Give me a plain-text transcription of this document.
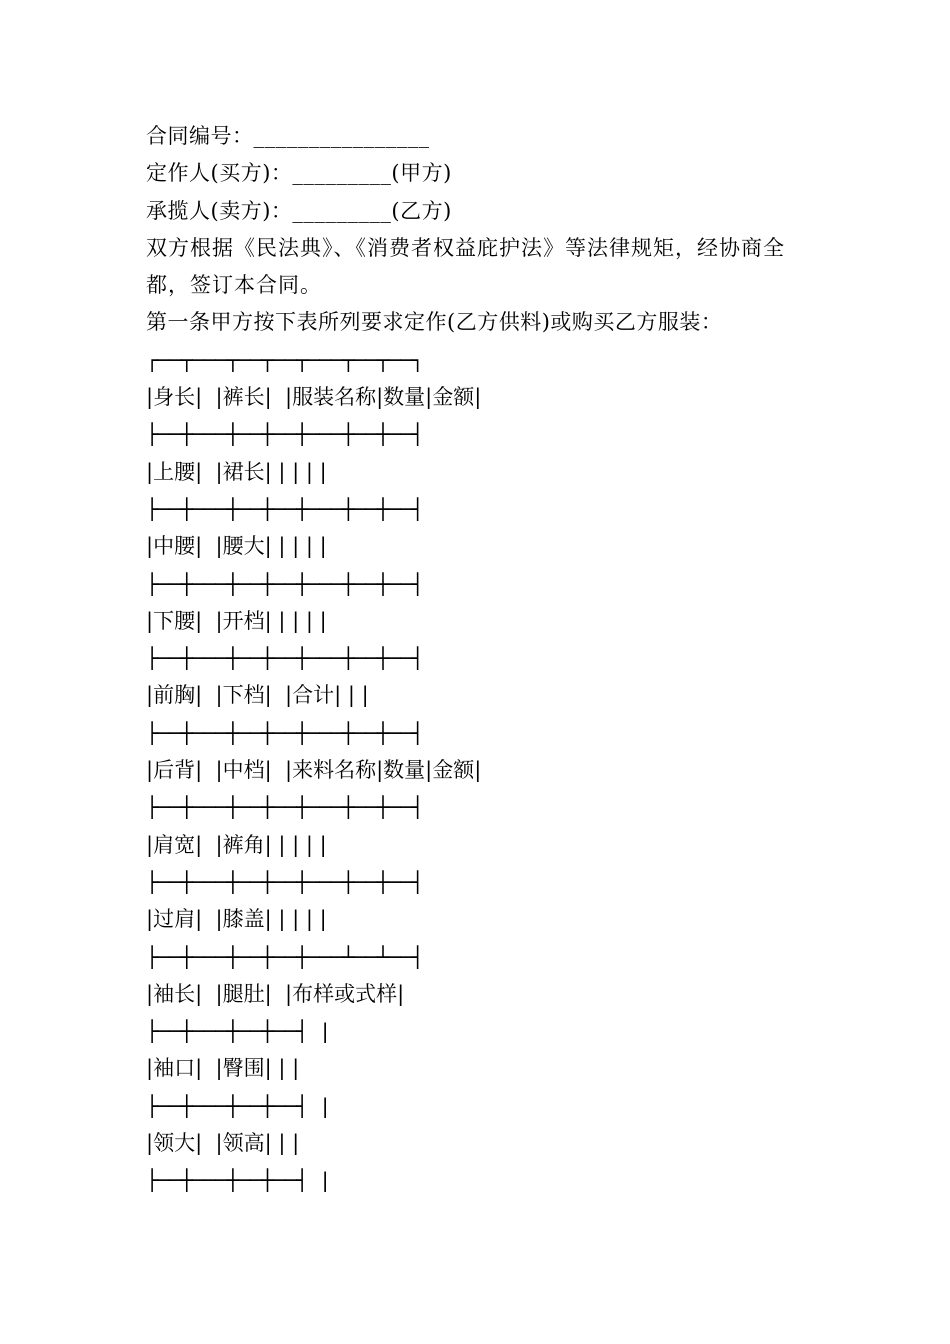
合同编号：________________
定作人(买方)：_________(甲方)
承揽人(卖方)：_________(乙方)
双方根据《民法典》、《消费者权益庇护法》等法律规矩，经协商全都，签订本合同。
第一条甲方按下表所列要求定作(乙方供料)或购买乙方服装：
┌──┬───┬──┬──┬───┬──┬──┐
|身长|  |裤长|  |服装名称|数量|金额|
├──┼───┼──┼──┼───┼──┼──┤
|上腰|  |裙长| | | | |
├──┼───┼──┼──┼───┼──┼──┤
|中腰|  |腰大| | | | |
├──┼───┼──┼──┼───┼──┼──┤
|下腰|  |开档| | | | |
├──┼───┼──┼──┼───┼──┼──┤
|前胸|  |下档|  |合计| | |
├──┼───┼──┼──┼───┼──┼──┤
|后背|  |中档|  |来料名称|数量|金额|
├──┼───┼──┼──┼───┼──┼──┤
|肩宽|  |裤角| | | | |
├──┼───┼──┼──┼───┼──┼──┤
|过肩|  |膝盖| | | | |
├──┼───┼──┼──┼───┴──┴──┤
|袖长|  |腿肚|  |布样或式样|
├──┼───┼──┼──┤ |
|袖口|  |臀围| | |
├──┼───┼──┼──┤ |
|领大|  |领高| | |
├──┼───┼──┼──┤ |
